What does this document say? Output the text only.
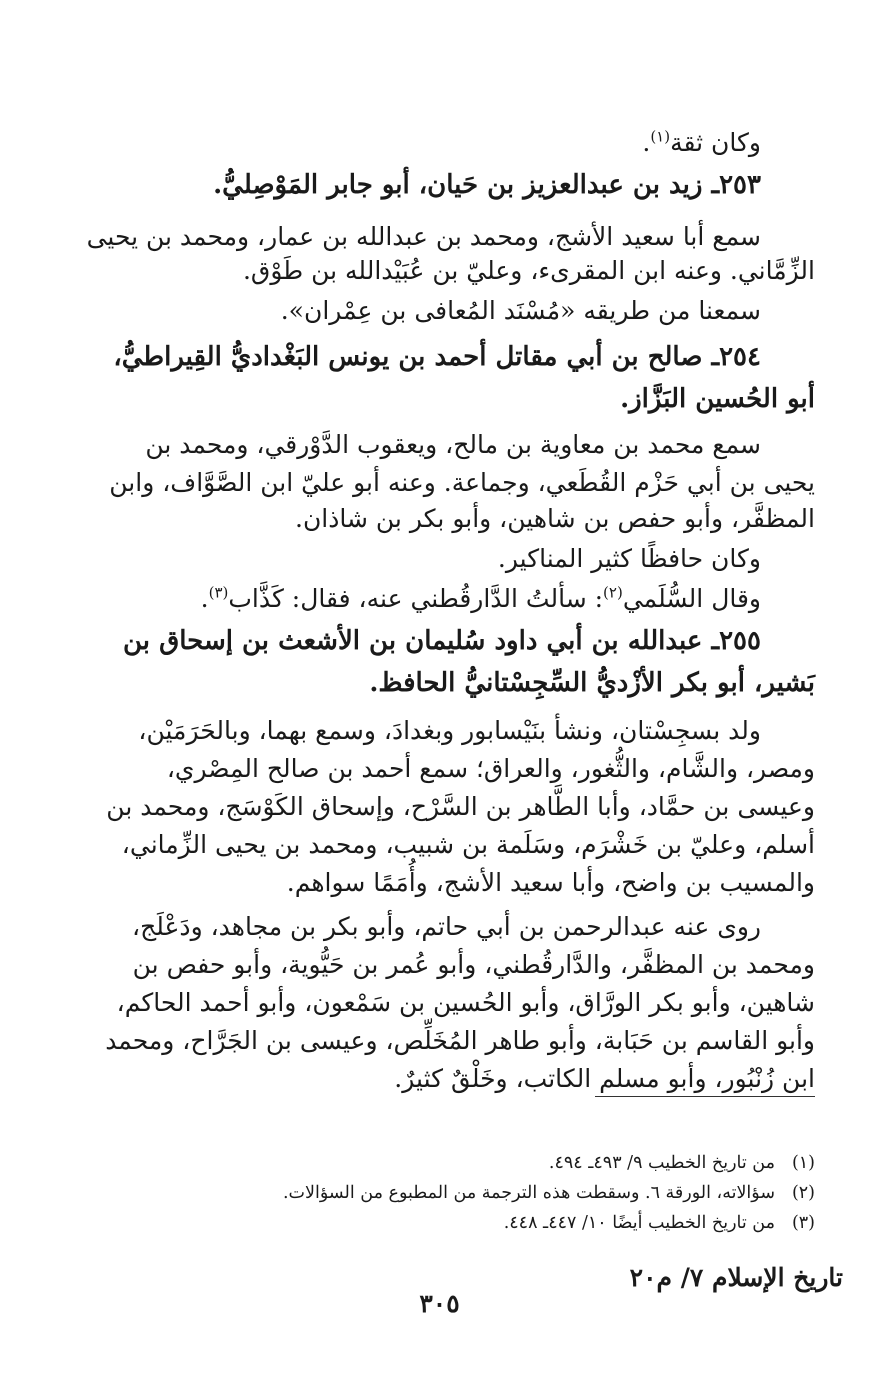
وكان ثقة$^{(١)}$.
٢٥٣ـ زيد بن عبدالعزيز بن حَيان، أبو جابر المَوْصِليُّ.
سمع أبا سعيد الأشج، ومحمد بن عبدالله بن عمار، ومحمد بن يحيى
الزِّمَّاني. وعنه ابن المقرىء، وعليّ بن عُبَيْدالله بن طَوْق.
سمعنا من طريقه «مُسْنَد المُعافى بن عِمْران».
٢٥٤ـ صالح بن أبي مقاتل أحمد بن يونس البَغْداديُّ القِيراطيُّ،
أبو الحُسين البَزَّاز.
سمع محمد بن معاوية بن مالح، ويعقوب الدَّوْرقي، ومحمد بن
يحيى بن أبي حَزْم القُطَعي، وجماعة. وعنه أبو عليّ ابن الصَّوَّاف، وابن
المظفَّر، وأبو حفص بن شاهين، وأبو بكر بن شاذان.
وكان حافظًا كثير المناكير.
وقال السُّلَمي$^{(٢)}$: سألتُ الدَّارقُطني عنه، فقال: كَذَّاب$^{(٣)}$.
٢٥٥ـ عبدالله بن أبي داود سُليمان بن الأشعث بن إسحاق بن
بَشير، أبو بكر الأزْديُّ السِّجِسْتانيُّ الحافظ.
ولد بسجِسْتان، ونشأ بنَيْسابور وبغدادَ، وسمع بهما، وبالحَرَمَيْن،
ومصر، والشَّام، والثُّغور، والعراق؛ سمع أحمد بن صالح المِصْري،
وعيسى بن حمَّاد، وأبا الطَّاهر بن السَّرْح، وإسحاق الكَوْسَج، ومحمد بن
أسلم، وعليّ بن خَشْرَم، وسَلَمة بن شبيب، ومحمد بن يحيى الزِّماني،
والمسيب بن واضح، وأبا سعيد الأشج، وأُمَمًا سواهم.
روى عنه عبدالرحمن بن أبي حاتم، وأبو بكر بن مجاهد، ودَعْلَج،
ومحمد بن المظفَّر، والدَّارقُطني، وأبو عُمر بن حَيُّوية، وأبو حفص بن
شاهين، وأبو بكر الورَّاق، وأبو الحُسين بن سَمْعون، وأبو أحمد الحاكم،
وأبو القاسم بن حَبَابة، وأبو طاهر المُخَلِّص، وعيسى بن الجَرَّاح، ومحمد
ابن زُنْبُور، وأبو مسلم الكاتب، وخَلْقٌ كثيرٌ.
(١)من تاريخ الخطيب ٩/ ٤٩٣ـ ٤٩٤.
(٢)سؤالاته، الورقة ٦. وسقطت هذه الترجمة من المطبوع من السؤالات.
(٣)من تاريخ الخطيب أيضًا ١٠/ ٤٤٧ـ ٤٤٨.
تاريخ الإسلام ٧/ م٢٠
٣٠٥
